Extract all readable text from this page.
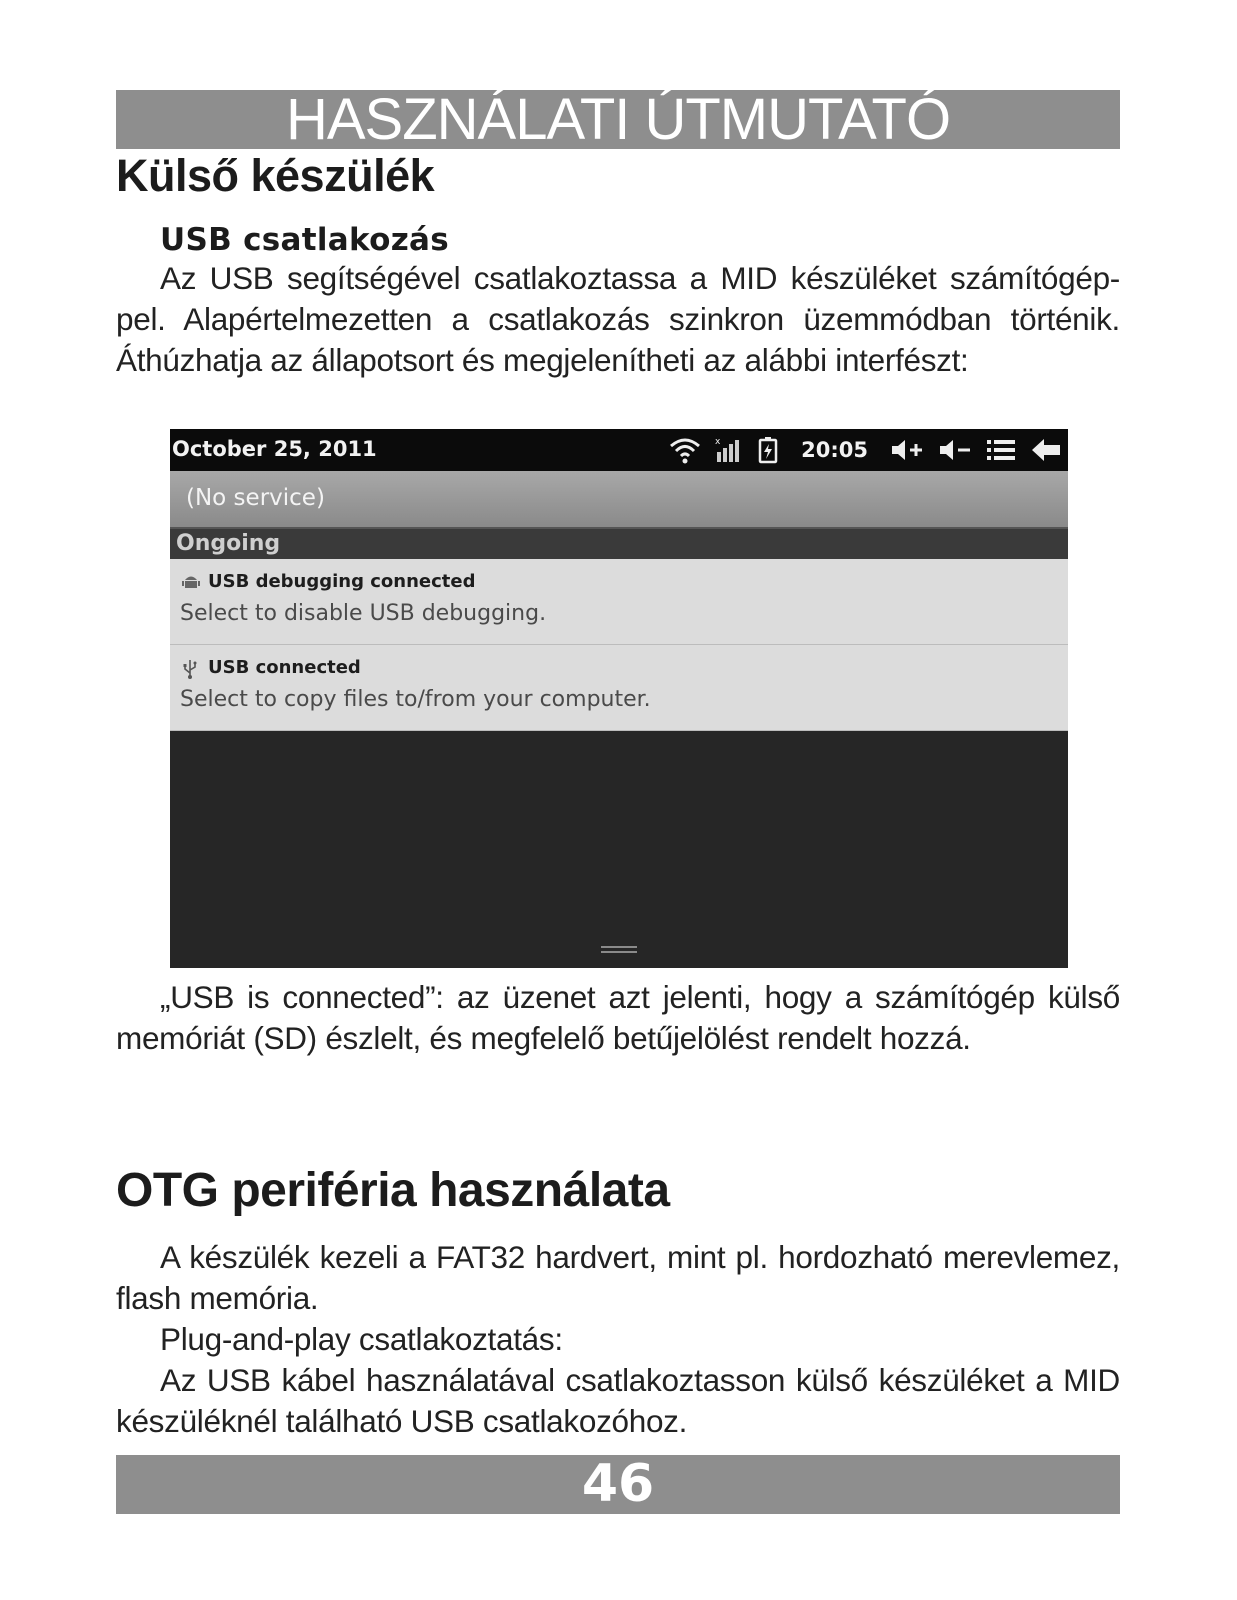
HASZNÁLATI ÚTMUTATÓ
Külső készülék
USB csatlakozás
Az USB segítségével csatlakoztassa a MID készüléket számítógép-
pel. Alapértelmezetten a csatlakozás szinkron üzemmódban történik.
Áthúzhatja az állapotsort és megjelenítheti az alábbi interfészt:
October 25, 2011	x	20:05
(No service)
Ongoing
USB debugging connected
Select to disable USB debugging.
USB connected
Select to copy files to/from your computer.
„USB is connected”: az üzenet azt jelenti, hogy a számítógép külső
memóriát (SD) észlelt, és megfelelő betűjelölést rendelt hozzá.
OTG periféria használata
A készülék kezeli a FAT32 hardvert, mint pl. hordozható merevlemez,
flash memória.
Plug-and-play csatlakoztatás:
Az USB kábel használatával csatlakoztasson külső készüléket a MID
készüléknél található USB csatlakozóhoz.
46
